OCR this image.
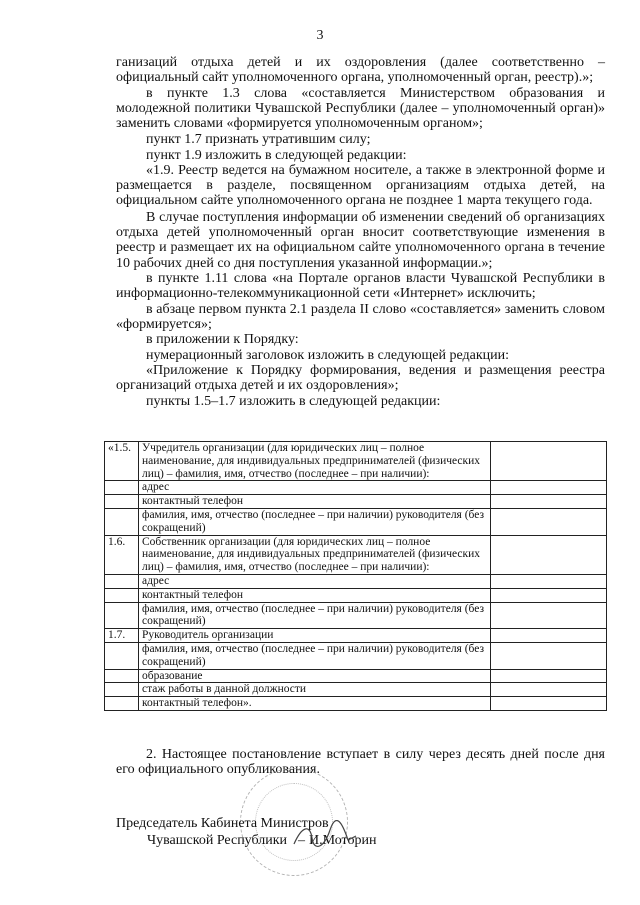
3

ганизаций отдыха детей и их оздоровления (далее соответственно – официальный сайт уполномоченного органа, уполномоченный орган, реестр).»;

в пункте 1.3 слова «составляется Министерством образования и молодежной политики Чувашской Республики (далее – уполномоченный орган)» заменить словами «формируется уполномоченным органом»;

пункт 1.7 признать утратившим силу;

пункт 1.9 изложить в следующей редакции:

«1.9. Реестр ведется на бумажном носителе, а также в электронной форме и размещается в разделе, посвященном организациям отдыха детей, на официальном сайте уполномоченного органа не позднее 1 марта текущего года.

В случае поступления информации об изменении сведений об организациях отдыха детей уполномоченный орган вносит соответствующие изменения в реестр и размещает их на официальном сайте уполномоченного органа в течение 10 рабочих дней со дня поступления указанной информации.»;

в пункте 1.11 слова «на Портале органов власти Чувашской Республики в информационно-телекоммуникационной сети «Интернет» исключить;

в абзаце первом пункта 2.1 раздела II слово «составляется» заменить словом «формируется»;

в приложении к Порядку:

нумерационный заголовок изложить в следующей редакции:

«Приложение к Порядку формирования, ведения и размещения реестра организаций отдыха детей и их оздоровления»;

пункты 1.5–1.7 изложить в следующей редакции:

«1.5.	Учредитель организации (для юридических лиц – полное наименование, для индивидуальных предпринимателей (физических лиц) – фамилия, имя, отчество (последнее – при наличии):	
	адрес	
	контактный телефон	
	фамилия, имя, отчество (последнее – при наличии) руководителя (без сокращений)	
1.6.	Собственник организации (для юридических лиц – полное наименование, для индивидуальных предпринимателей (физических лиц) – фамилия, имя, отчество (последнее – при наличии):	
	адрес	
	контактный телефон	
	фамилия, имя, отчество (последнее – при наличии) руководителя (без сокращений)	
1.7.	Руководитель организации	
	фамилия, имя, отчество (последнее – при наличии) руководителя (без сокращений)	
	образование	
	стаж работы в данной должности	
	контактный телефон».	

2. Настоящее постановление вступает в силу через десять дней после дня его официального опубликования.

Председатель Кабинета Министров
Чувашской Республики – И.Моторин
